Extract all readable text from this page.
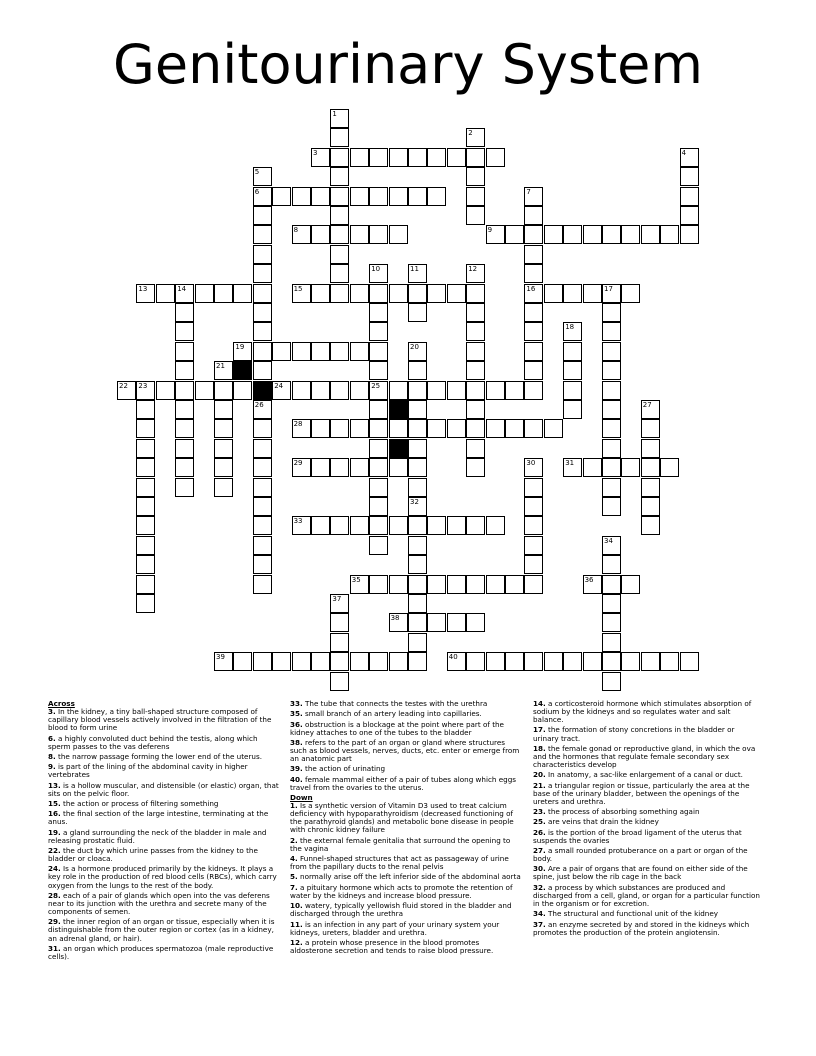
Genitourinary System
1
2
3	4
5
6
26
7
16
8	9
10
25
11	12
13	14	15	17
18
19	20
32
21
22 23	24
27
28
29	30	31
33
34
35	36
37
38
39	40

Across

3. In the kidney, a tiny ball-shaped structure composed of capillary blood vessels actively involved in the filtration of the blood to form urine

6. a highly convoluted duct behind the testis, along which sperm passes to the vas deferens

8. the narrow passage forming the lower end of the uterus.

9. is part of the lining of the abdominal cavity in higher vertebrates

13. is a hollow muscular, and distensible (or elastic) organ, that sits on the pelvic floor.

15. the action or process of filtering something

16. the final section of the large intestine, terminating at the anus.

19. a gland surrounding the neck of the bladder in male and releasing prostatic fluid.

22. the duct by which urine passes from the kidney to the bladder or cloaca.

24. Is a hormone produced primarily by the kidneys. It plays a key role in the production of red blood cells (RBCs), which carry oxygen from the lungs to the rest of the body.

28. each of a pair of glands which open into the vas deferens near to its junction with the urethra and secrete many of the components of semen.

29. the inner region of an organ or tissue, especially when it is distinguishable from the outer region or cortex (as in a kidney, an adrenal gland, or hair).

31. an organ which produces spermatozoa (male reproductive cells).

33. The tube that connects the testes with the urethra

35. small branch of an artery leading into capillaries.

36. obstruction is a blockage at the point where part of the kidney attaches to one of the tubes to the bladder

38. refers to the part of an organ or gland where structures such as blood vessels, nerves, ducts, etc. enter or emerge from an anatomic part

39. the action of urinating

40. female mammal either of a pair of tubes along which eggs travel from the ovaries to the uterus.

Down

1. Is a synthetic version of Vitamin D3 used to treat calcium deficiency with hypoparathyroidism (decreased functioning of the parathyroid glands) and metabolic bone disease in people with chronic kidney failure

2. the external female genitalia that surround the opening to the vagina

4. Funnel-shaped structures that act as passageway of urine from the papillary ducts to the renal pelvis

5. normally arise off the left inferior side of the abdominal aorta

7. a pituitary hormone which acts to promote the retention of water by the kidneys and increase blood pressure.

10. watery, typically yellowish fluid stored in the bladder and discharged through the urethra

11. is an infection in any part of your urinary system your kidneys, ureters, bladder and urethra.

12. a protein whose presence in the blood promotes aldosterone secretion and tends to raise blood pressure.

14. a corticosteroid hormone which stimulates absorption of sodium by the kidneys and so regulates water and salt balance.

17. the formation of stony concretions in the bladder or urinary tract.

18. the female gonad or reproductive gland, in which the ova and the hormones that regulate female secondary sex characteristics develop

20. In anatomy, a sac-like enlargement of a canal or duct.

21. a triangular region or tissue, particularly the area at the base of the urinary bladder, between the openings of the ureters and urethra.

23. the process of absorbing something again

25. are veins that drain the kidney

26. is the portion of the broad ligament of the uterus that suspends the ovaries

27. a small rounded protuberance on a part or organ of the body.

30. Are a pair of organs that are found on either side of the spine, just below the rib cage in the back

32. a process by which substances are produced and discharged from a cell, gland, or organ for a particular function in the organism or for excretion.

34. The structural and functional unit of the kidney

37. an enzyme secreted by and stored in the kidneys which promotes the production of the protein angiotensin.
